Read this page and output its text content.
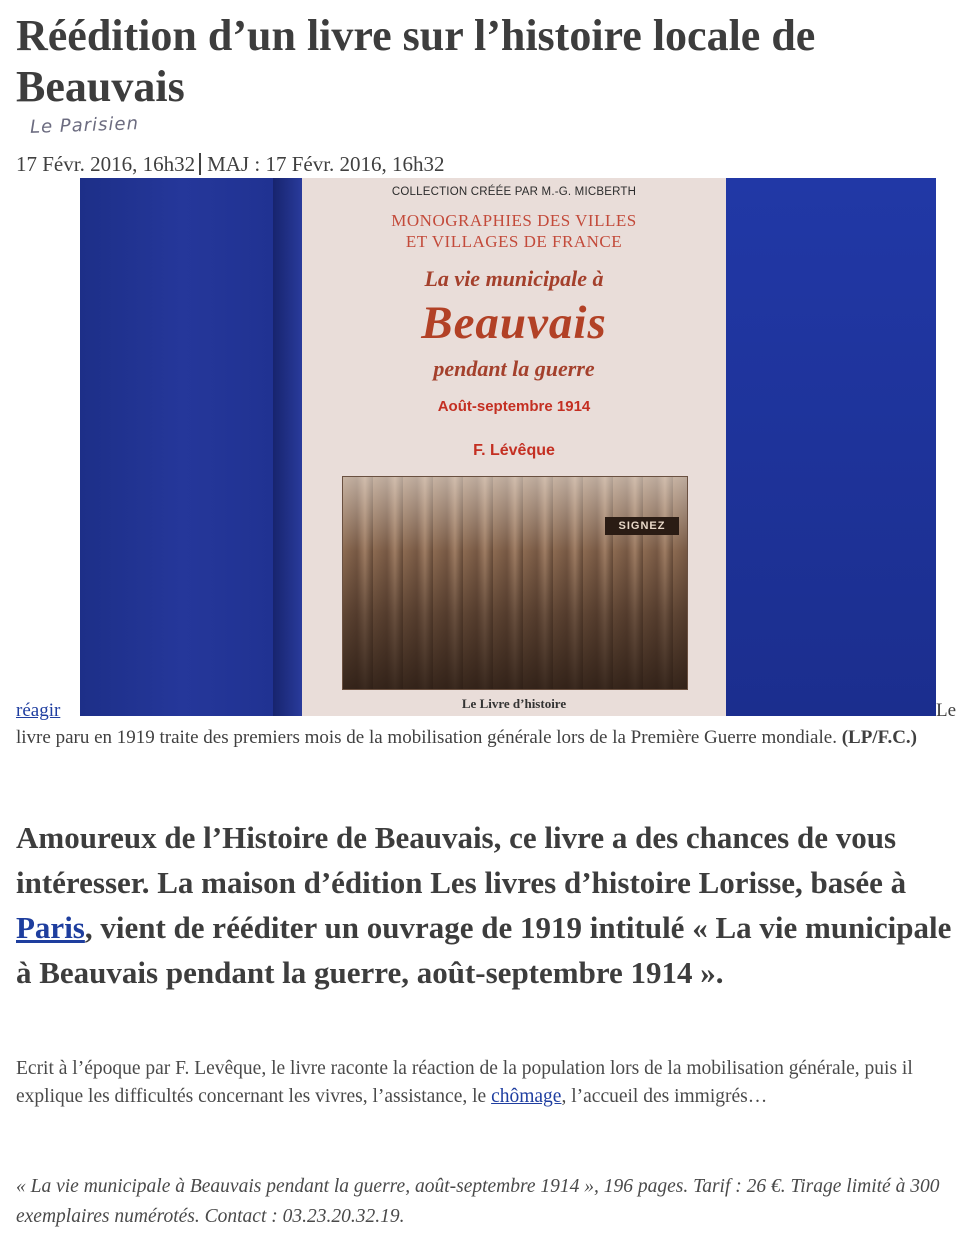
Réédition d’un livre sur l’histoire locale de Beauvais
Le Parisien
17 Févr. 2016, 16h32 MAJ : 17 Févr. 2016, 16h32
COLLECTION CRÉÉE PAR M.-G. MICBERTH
MONOGRAPHIES DES VILLES
ET VILLAGES DE FRANCE
La vie municipale à
Beauvais
pendant la guerre
Août-septembre 1914
F. Lévêque
SIGNEZ
Le Livre d’histoire
réagir	Le
livre paru en 1919 traite des premiers mois de la mobilisation générale lors de la Première Guerre mondiale. (LP/F.C.)

Amoureux de l’Histoire de Beauvais, ce livre a des chances de vous intéresser. La maison d’édition Les livres d’histoire Lorisse, basée à Paris, vient de rééditer un ouvrage de 1919 intitulé « La vie municipale à Beauvais pendant la guerre, août-septembre 1914 ».

Ecrit à l’époque par F. Levêque, le livre raconte la réaction de la population lors de la mobilisation générale, puis il explique les difficultés concernant les vivres, l’assistance, le chômage, l’accueil des immigrés…

« La vie municipale à Beauvais pendant la guerre, août-septembre 1914 », 196 pages. Tarif : 26 €. Tirage limité à 300 exemplaires numérotés. Contact : 03.23.20.32.19.
